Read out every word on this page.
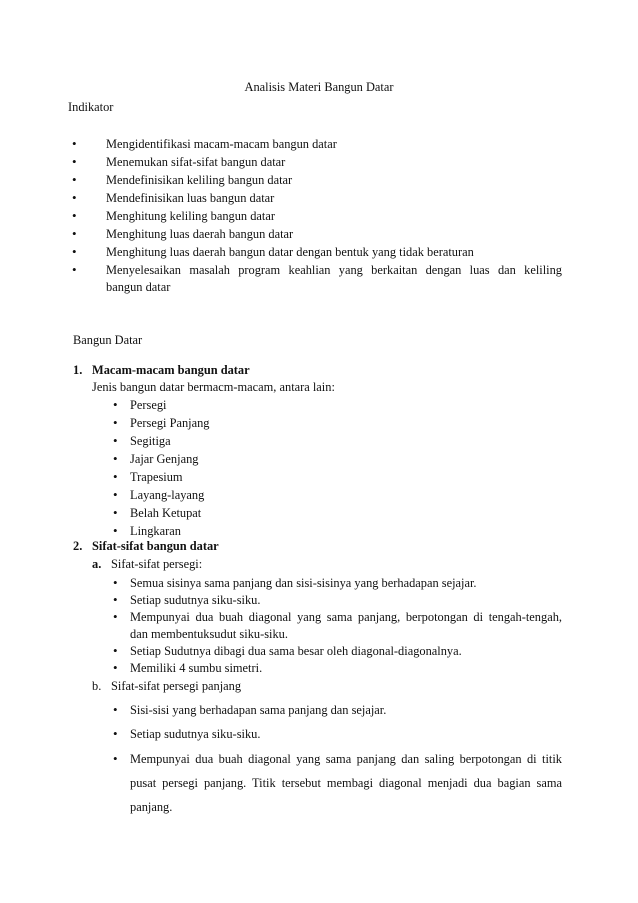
Analisis Materi Bangun Datar
Indikator
• Mengidentifikasi macam-macam bangun datar
• Menemukan sifat-sifat bangun datar
• Mendefinisikan keliling bangun datar
• Mendefinisikan luas bangun datar
• Menghitung keliling bangun datar
• Menghitung luas daerah bangun datar
• Menghitung luas daerah bangun datar dengan bentuk yang tidak beraturan
• Menyelesaikan masalah program keahlian yang berkaitan dengan luas dan keliling
bangun datar
Bangun Datar
1. Macam-macam bangun datar
Jenis bangun datar bermacm-macam, antara lain:
• Persegi
• Persegi Panjang
• Segitiga
• Jajar Genjang
• Trapesium
• Layang-layang
• Belah Ketupat
• Lingkaran
2. Sifat-sifat bangun datar
a. Sifat-sifat persegi:
• Semua sisinya sama panjang dan sisi-sisinya yang berhadapan sejajar.
• Setiap sudutnya siku-siku.
• Mempunyai dua buah diagonal yang sama panjang, berpotongan di tengah-tengah,
dan membentuksudut siku-siku.
• Setiap Sudutnya dibagi dua sama besar oleh diagonal-diagonalnya.
• Memiliki 4 sumbu simetri.
b. Sifat-sifat persegi panjang
• Sisi-sisi yang berhadapan sama panjang dan sejajar.
• Setiap sudutnya siku-siku.
• Mempunyai dua buah diagonal yang sama panjang dan saling berpotongan di titik
pusat persegi panjang. Titik tersebut membagi diagonal menjadi dua bagian sama
panjang.
